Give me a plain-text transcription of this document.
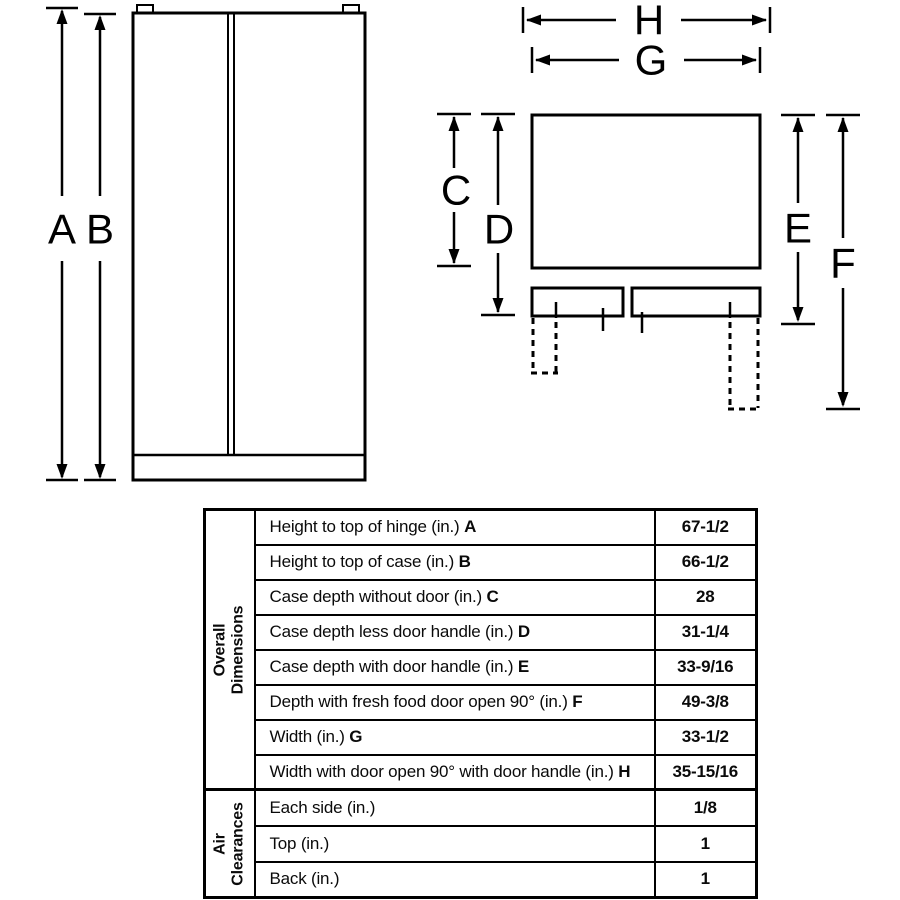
A B
H
G
C
D	E
F
Overall Dimensions	Height to top of hinge (in.) A	67-1/2
	Height to top of case (in.) B	66-1/2
	Case depth without door (in.) C	28
	Case depth less door handle (in.) D	31-1/4
	Case depth with door handle (in.) E	33-9/16
	Depth with fresh food door open 90° (in.) F	49-3/8
	Width (in.) G	33-1/2
	Width with door open 90° with door handle (in.) H	35-15/16

Air Clearances	Each side (in.)	1/8
	Top (in.)	1
	Back (in.)	1
